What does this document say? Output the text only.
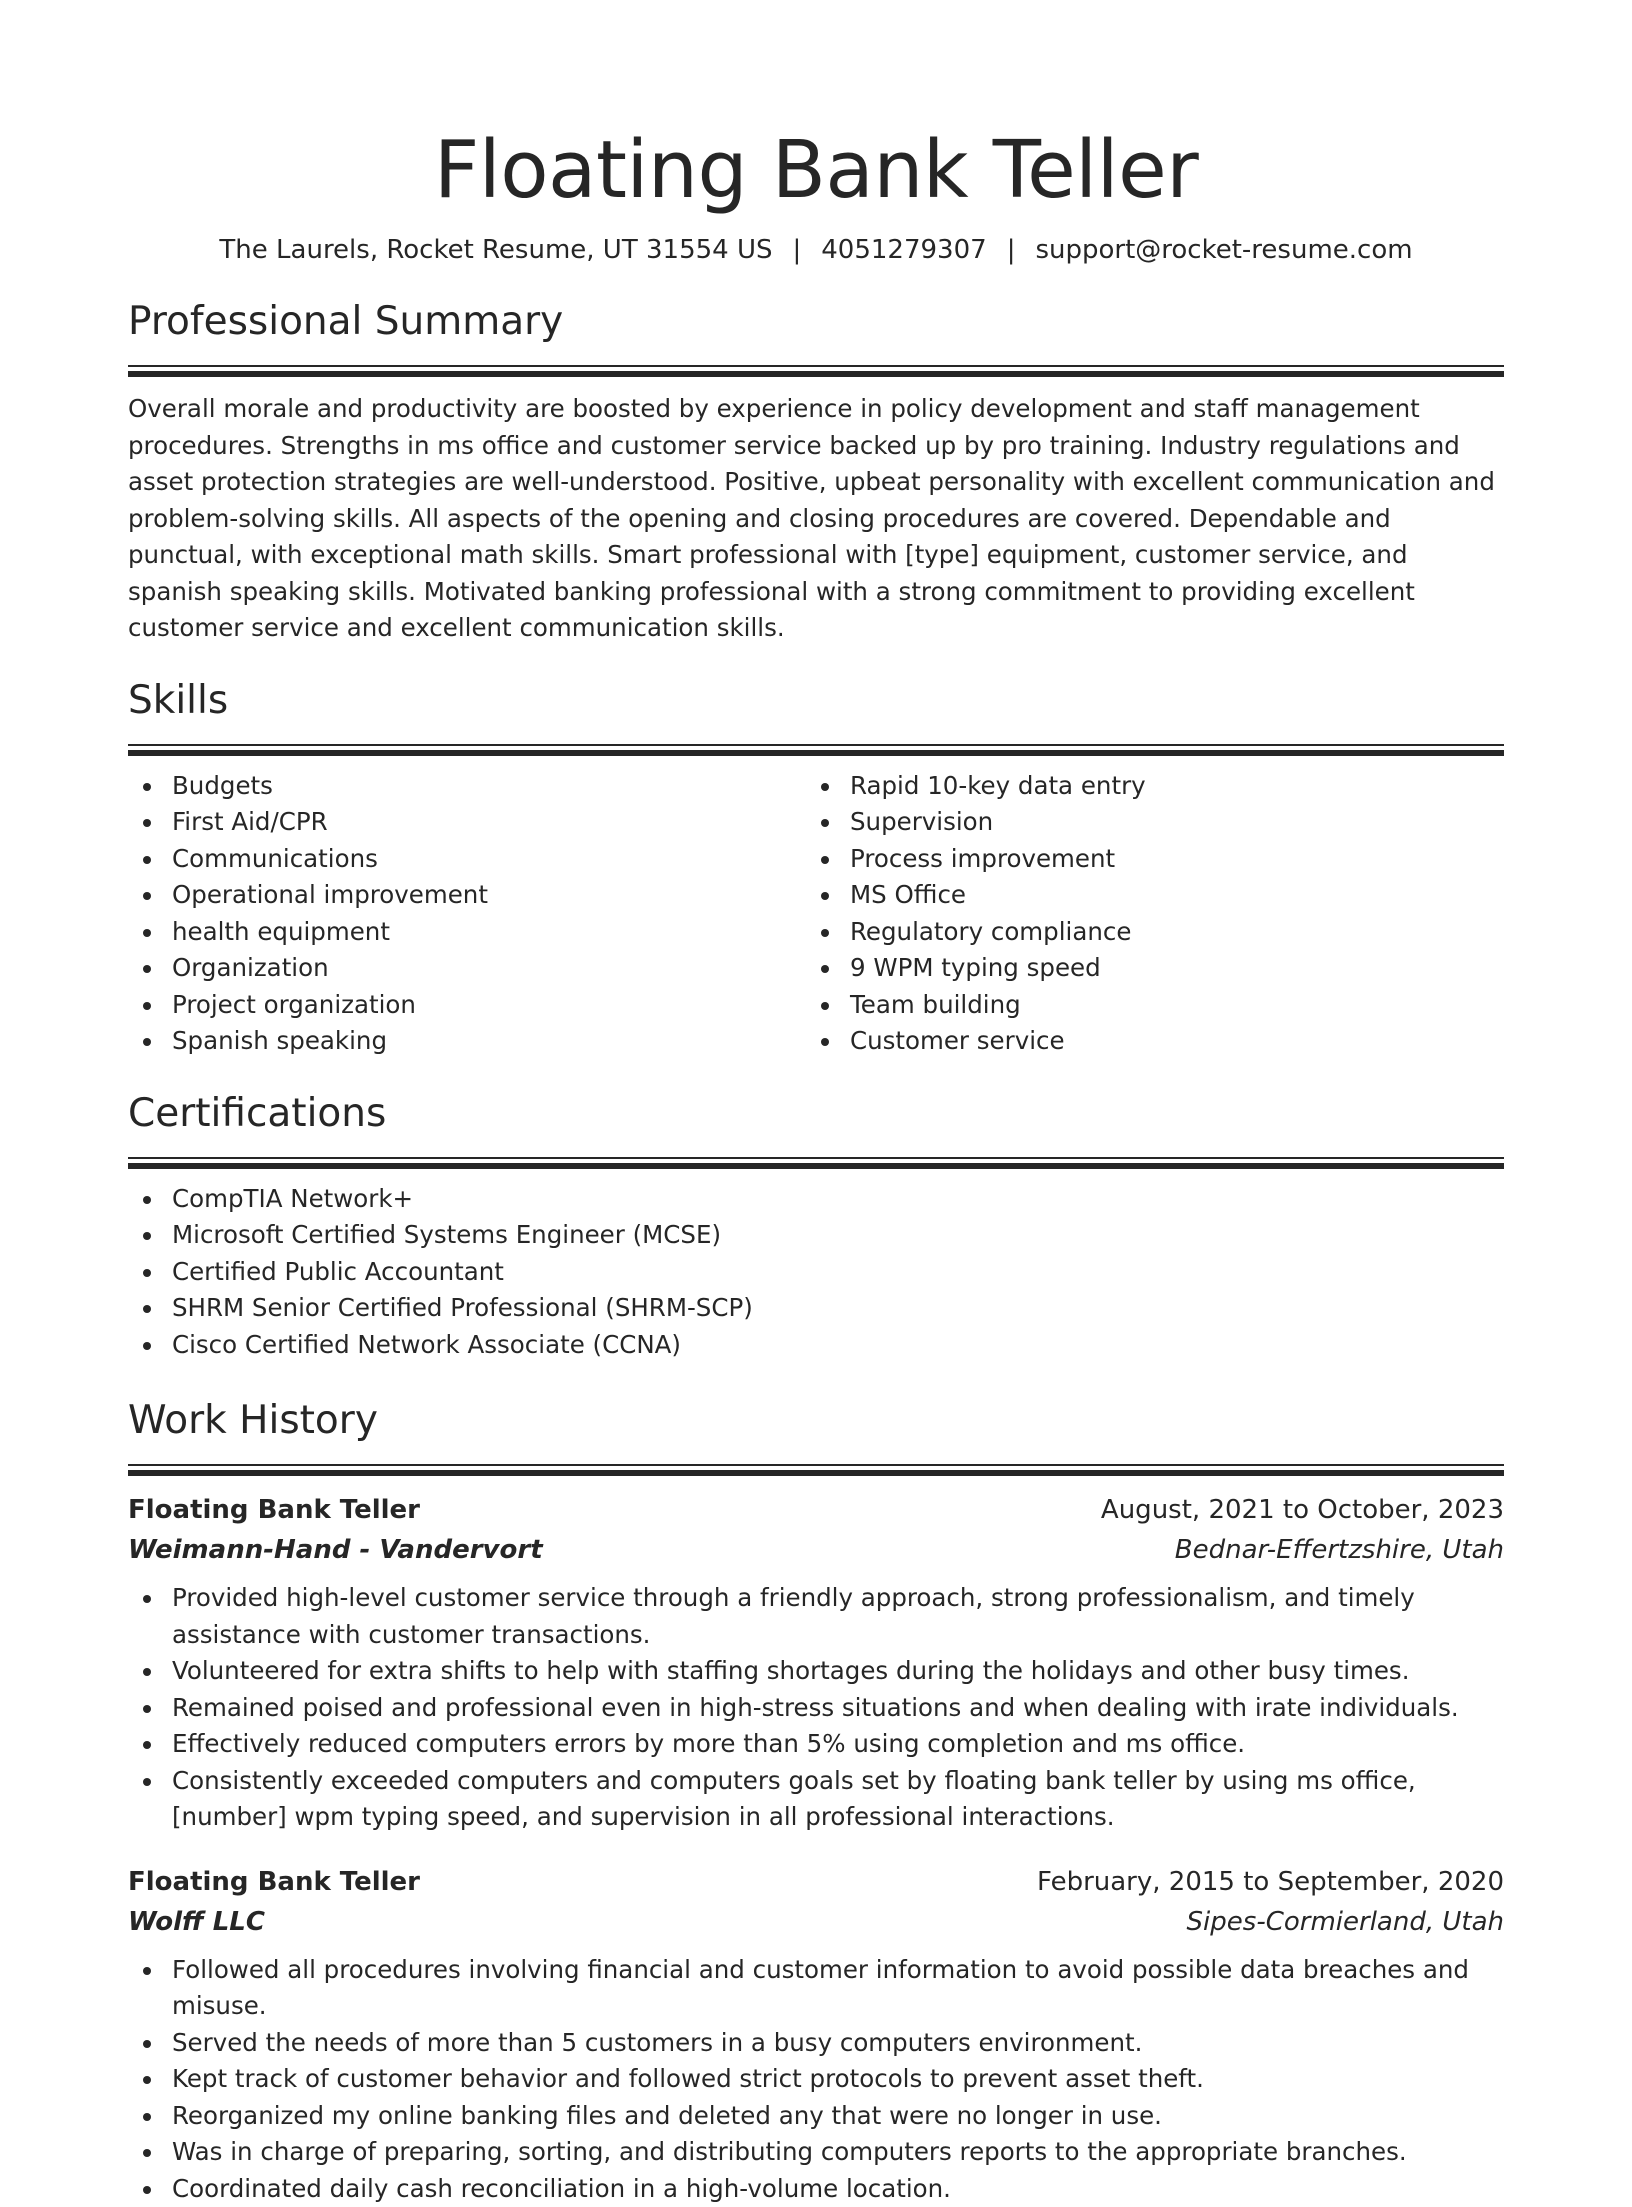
Floating Bank Teller
The Laurels, Rocket Resume, UT 31554 US | 4051279307 | support@rocket-resume.com
Professional Summary

Overall morale and productivity are boosted by experience in policy development and staff management procedures. Strengths in ms office and customer service backed up by pro training. Industry regulations and asset protection strategies are well-understood. Positive, upbeat personality with excellent communication and problem-solving skills. All aspects of the opening and closing procedures are covered. Dependable and punctual, with exceptional math skills. Smart professional with [type] equipment, customer service, and spanish speaking skills. Motivated banking professional with a strong commitment to providing excellent customer service and excellent communication skills.

Skills
Budgets
First Aid/CPR
Communications
Operational improvement
health equipment
Organization
Project organization
Spanish speaking
Rapid 10-key data entry
Supervision
Process improvement
MS Office
Regulatory compliance
9 WPM typing speed
Team building
Customer service
Certifications
CompTIA Network+
Microsoft Certified Systems Engineer (MCSE)
Certified Public Accountant
SHRM Senior Certified Professional (SHRM-SCP)
Cisco Certified Network Associate (CCNA)
Work History
Floating Bank Teller	August, 2021 to October, 2023
Weimann-Hand - Vandervort	Bednar-Effertzshire, Utah
Provided high-level customer service through a friendly approach, strong professionalism, and timely assistance with customer transactions.
Volunteered for extra shifts to help with staffing shortages during the holidays and other busy times.
Remained poised and professional even in high-stress situations and when dealing with irate individuals.
Effectively reduced computers errors by more than 5% using completion and ms office.
Consistently exceeded computers and computers goals set by floating bank teller by using ms office, [number] wpm typing speed, and supervision in all professional interactions.
Floating Bank Teller	February, 2015 to September, 2020
Wolff LLC	Sipes-Cormierland, Utah
Followed all procedures involving financial and customer information to avoid possible data breaches and misuse.
Served the needs of more than 5 customers in a busy computers environment.
Kept track of customer behavior and followed strict protocols to prevent asset theft.
Reorganized my online banking files and deleted any that were no longer in use.
Was in charge of preparing, sorting, and distributing computers reports to the appropriate branches.
Coordinated daily cash reconciliation in a high-volume location.
